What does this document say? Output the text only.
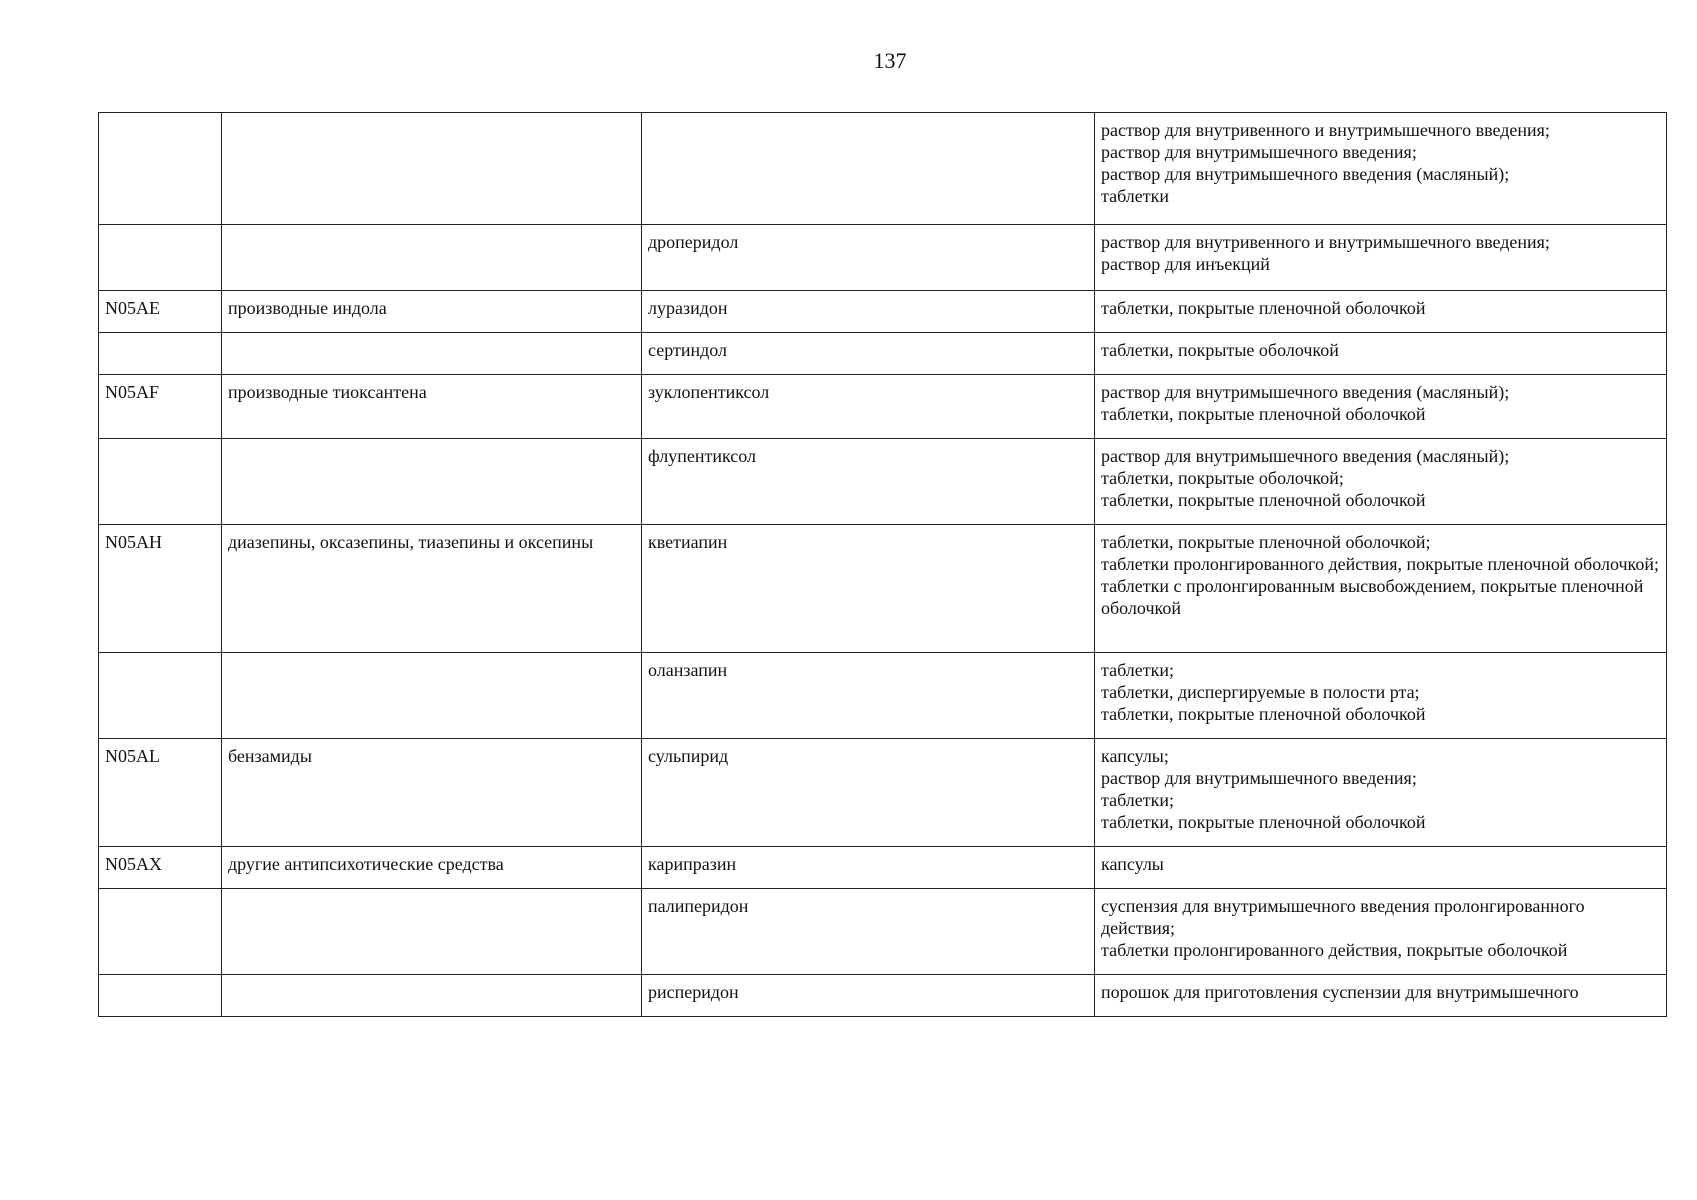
137

			раствор для внутривенного и внутримышечного введения;
раствор для внутримышечного введения;
раствор для внутримышечного введения (масляный);
таблетки

		дроперидол	раствор для внутривенного и внутримышечного введения;
раствор для инъекций

N05AE	производные индола	луразидон	таблетки, покрытые пленочной оболочкой

		сертиндол	таблетки, покрытые оболочкой

N05AF	производные тиоксантена	зуклопентиксол	раствор для внутримышечного введения (масляный);
таблетки, покрытые пленочной оболочкой

		флупентиксол	раствор для внутримышечного введения (масляный);
таблетки, покрытые оболочкой;
таблетки, покрытые пленочной оболочкой

N05AH	диазепины, оксазепины, тиазепины и оксепины	кветиапин	таблетки, покрытые пленочной оболочкой;
таблетки пролонгированного действия, покрытые пленочной оболочкой;
таблетки с пролонгированным высвобождением, покрытые пленочной оболочкой

		оланзапин	таблетки;
таблетки, диспергируемые в полости рта;
таблетки, покрытые пленочной оболочкой

N05AL	бензамиды	сульпирид	капсулы;
раствор для внутримышечного введения;
таблетки;
таблетки, покрытые пленочной оболочкой

N05AX	другие антипсихотические средства	карипразин	капсулы

		палиперидон	суспензия для внутримышечного введения пролонгированного действия;
таблетки пролонгированного действия, покрытые оболочкой

		рисперидон	порошок для приготовления суспензии для внутримышечного
